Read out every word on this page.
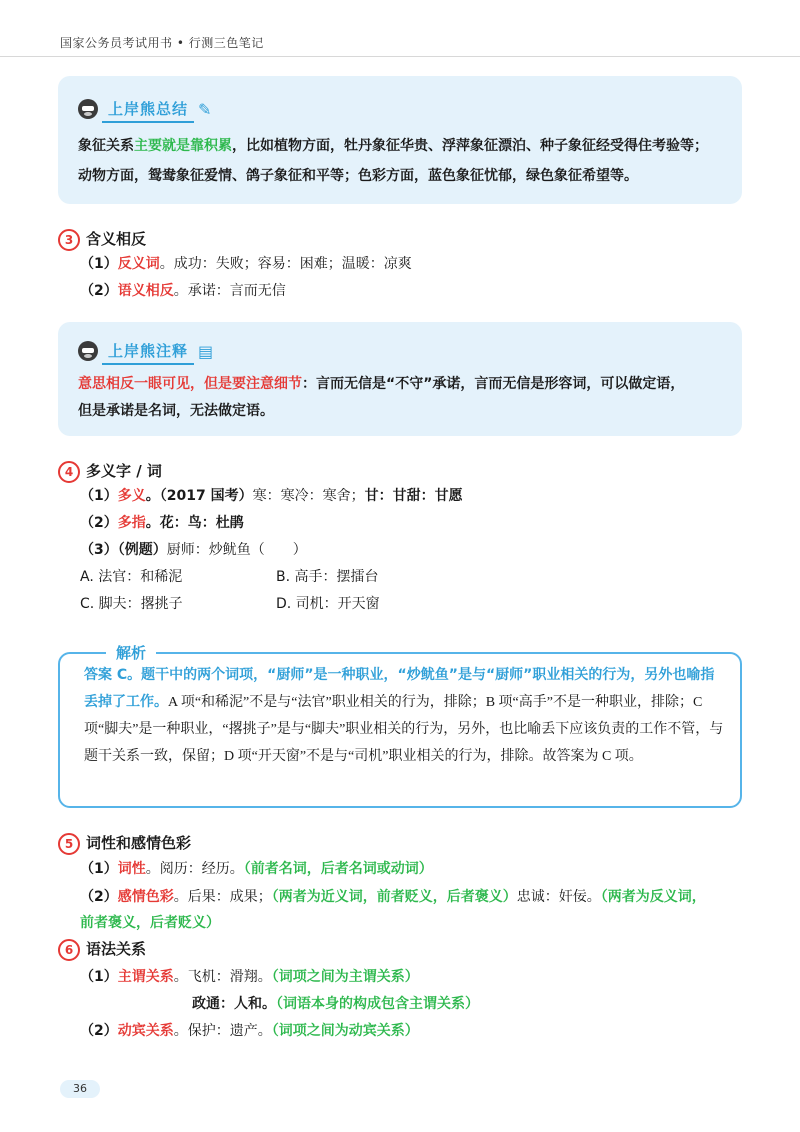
国家公务员考试用书 • 行测三色笔记
上岸熊总结 ✎
象征关系主要就是靠积累，比如植物方面，牡丹象征华贵、浮萍象征漂泊、种子象征经受得住考验等；
动物方面，鸳鸯象征爱情、鸽子象征和平等；色彩方面，蓝色象征忧郁，绿色象征希望等。
3 含义相反
（1）反义词。成功：失败；容易：困难；温暖：凉爽
（2）语义相反。承诺：言而无信
上岸熊注释 ▤
意思相反一眼可见，但是要注意细节：言而无信是“不守”承诺，言而无信是形容词，可以做定语，
但是承诺是名词，无法做定语。
4 多义字 / 词
（1）多义。（2017 国考）寒：寒冷：寒舍；甘：甘甜：甘愿
（2）多指。花：鸟：杜鹃
（3）（例题）厨师：炒鱿鱼（　　）
A. 法官：和稀泥	B. 高手：摆擂台
C. 脚夫：撂挑子	D. 司机：开天窗
解析
答案 C。题干中的两个词项，“厨师”是一种职业，“炒鱿鱼”是与“厨师”职业相关的行为，另外也喻指丢掉了工作。A 项“和稀泥”不是与“法官”职业相关的行为，排除；B 项“高手”不是一种职业，排除；C 项“脚夫”是一种职业，“撂挑子”是与“脚夫”职业相关的行为，另外，也比喻丢下应该负责的工作不管，与题干关系一致，保留；D 项“开天窗”不是与“司机”职业相关的行为，排除。故答案为 C 项。
5 词性和感情色彩
（1）词性。阅历：经历。（前者名词，后者名词或动词）
（2）感情色彩。后果：成果；（两者为近义词，前者贬义，后者褒义）忠诚：奸佞。（两者为反义词，
前者褒义，后者贬义）
6 语法关系
（1）主谓关系。飞机：滑翔。（词项之间为主谓关系）
政通：人和。（词语本身的构成包含主谓关系）
（2）动宾关系。保护：遗产。（词项之间为动宾关系）
36
